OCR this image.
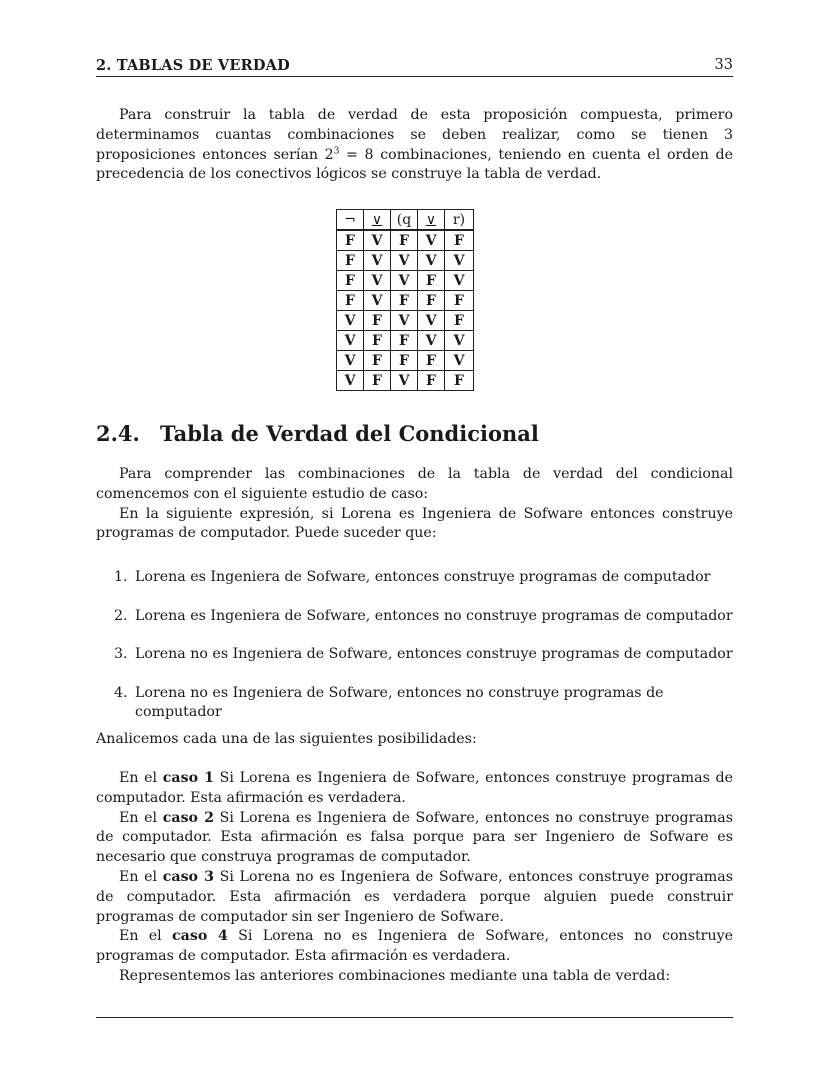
2. TABLAS DE VERDAD	33

Para construir la tabla de verdad de esta proposición compuesta, primero determinamos cuantas combinaciones se deben realizar, como se tienen 3 proposiciones entonces serían $2^3 = 8$ combinaciones, teniendo en cuenta el orden de precedencia de los conectivos lógicos se construye la tabla de verdad.

¬	∨	(q	∨	r)
F	V	F	V	F
F	V	V	V	V
F	V	V	F	V
F	V	F	F	F
V	F	V	V	F
V	F	F	V	V
V	F	F	F	V
V	F	V	F	F
2.4. Tabla de Verdad del Condicional

Para comprender las combinaciones de la tabla de verdad del condicional comencemos con el siguiente estudio de caso:

En la siguiente expresión, si Lorena es Ingeniera de Sofware entonces construye programas de computador. Puede suceder que:

1. Lorena es Ingeniera de Sofware, entonces construye programas de computador
2. Lorena es Ingeniera de Sofware, entonces no construye programas de computador
3. Lorena no es Ingeniera de Sofware, entonces construye programas de computador
4. Lorena no es Ingeniera de Sofware, entonces no construye programas de computador

Analicemos cada una de las siguientes posibilidades:

En el caso 1 Si Lorena es Ingeniera de Sofware, entonces construye programas de computador. Esta afirmación es verdadera.

En el caso 2 Si Lorena es Ingeniera de Sofware, entonces no construye programas de computador. Esta afirmación es falsa porque para ser Ingeniero de Sofware es necesario que construya programas de computador.

En el caso 3 Si Lorena no es Ingeniera de Sofware, entonces construye programas de computador. Esta afirmación es verdadera porque alguien puede construir programas de computador sin ser Ingeniero de Sofware.

En el caso 4 Si Lorena no es Ingeniera de Sofware, entonces no construye programas de computador. Esta afirmación es verdadera.

Representemos las anteriores combinaciones mediante una tabla de verdad:
